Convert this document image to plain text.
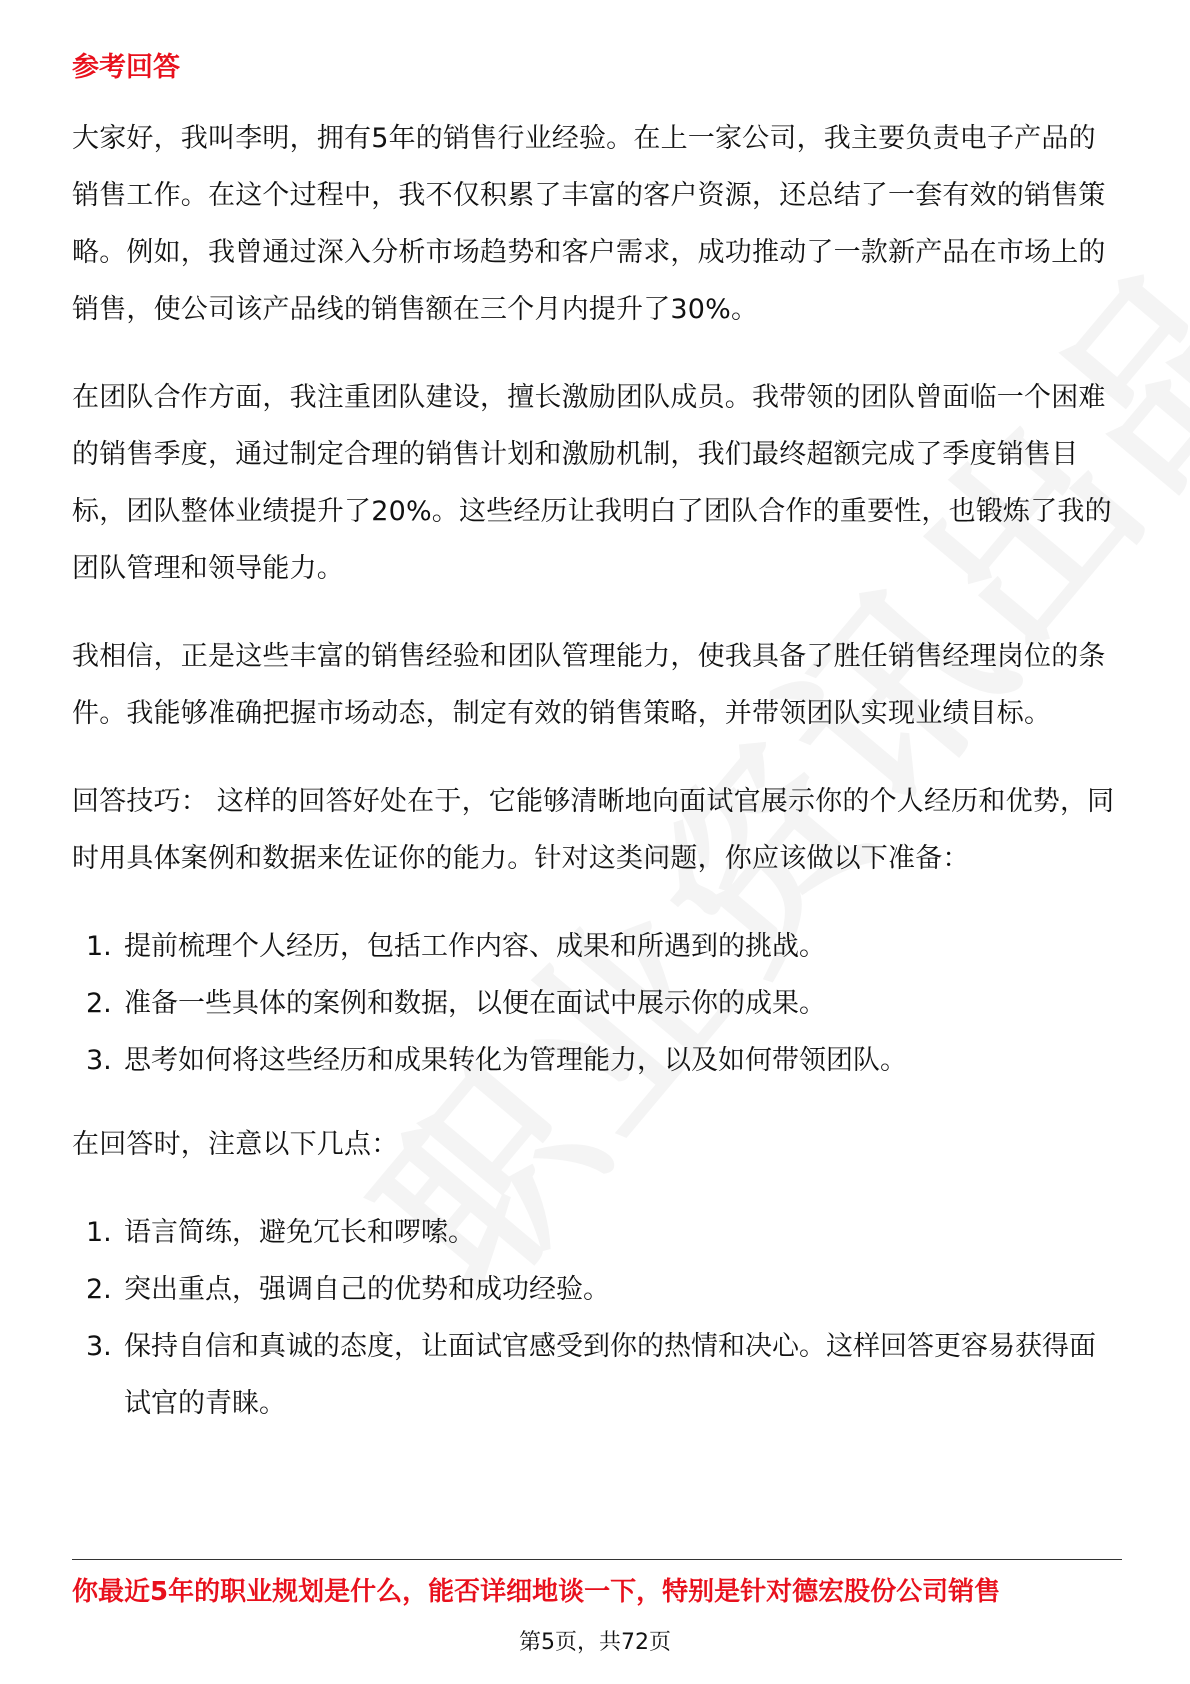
参考回答

大家好，我叫李明，拥有5年的销售行业经验。在上一家公司，我主要负责电子产品的销售工作。在这个过程中，我不仅积累了丰富的客户资源，还总结了一套有效的销售策略。例如，我曾通过深入分析市场趋势和客户需求，成功推动了一款新产品在市场上的销售，使公司该产品线的销售额在三个月内提升了30%。

在团队合作方面，我注重团队建设，擅长激励团队成员。我带领的团队曾面临一个困难的销售季度，通过制定合理的销售计划和激励机制，我们最终超额完成了季度销售目标，团队整体业绩提升了20%。这些经历让我明白了团队合作的重要性，也锻炼了我的团队管理和领导能力。

我相信，正是这些丰富的销售经验和团队管理能力，使我具备了胜任销售经理岗位的条件。我能够准确把握市场动态，制定有效的销售策略，并带领团队实现业绩目标。

回答技巧： 这样的回答好处在于，它能够清晰地向面试官展示你的个人经历和优势，同时用具体案例和数据来佐证你的能力。针对这类问题，你应该做以下准备：

1. 提前梳理个人经历，包括工作内容、成果和所遇到的挑战。
2. 准备一些具体的案例和数据，以便在面试中展示你的成果。
3. 思考如何将这些经历和成果转化为管理能力，以及如何带领团队。

在回答时，注意以下几点：

1. 语言简练，避免冗长和啰嗦。
2. 突出重点，强调自己的优势和成功经验。
3. 保持自信和真诚的态度，让面试官感受到你的热情和决心。这样回答更容易获得面试官的青睐。
你最近5年的职业规划是什么，能否详细地谈一下，特别是针对德宏股份公司销售
第5页，共72页
